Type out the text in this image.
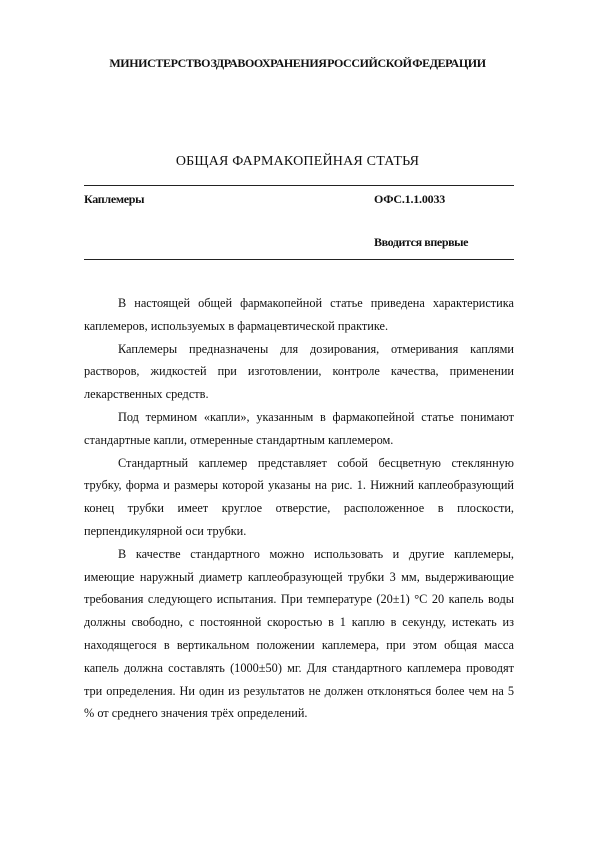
МИНИСТЕРСТВО ЗДРАВООХРАНЕНИЯ РОССИЙСКОЙ ФЕДЕРАЦИИ
ОБЩАЯ ФАРМАКОПЕЙНАЯ СТАТЬЯ
Каплемеры	ОФС.1.1.0033
Вводится впервые

В настоящей общей фармакопейной статье приведена характеристика каплемеров, используемых в фармацевтической практике.

Каплемеры предназначены для дозирования, отмеривания каплями растворов, жидкостей при изготовлении, контроле качества, применении лекарственных средств.

Под термином «капли», указанным в фармакопейной статье понимают стандартные капли, отмеренные стандартным каплемером.

Стандартный каплемер представляет собой бесцветную стеклянную трубку, форма и размеры которой указаны на рис. 1. Нижний каплеобразующий конец трубки имеет круглое отверстие, расположенное в плоскости, перпендикулярной оси трубки.

В качестве стандартного можно использовать и другие каплемеры, имеющие наружный диаметр каплеобразующей трубки 3 мм, выдерживающие требования следующего испытания. При температуре (20±1) °С 20 капель воды должны свободно, с постоянной скоростью в 1 каплю в секунду, истекать из находящегося в вертикальном положении каплемера, при этом общая масса капель должна составлять (1000±50) мг. Для стандартного каплемера проводят три определения. Ни один из результатов не должен отклоняться более чем на 5 % от среднего значения трёх определений.
